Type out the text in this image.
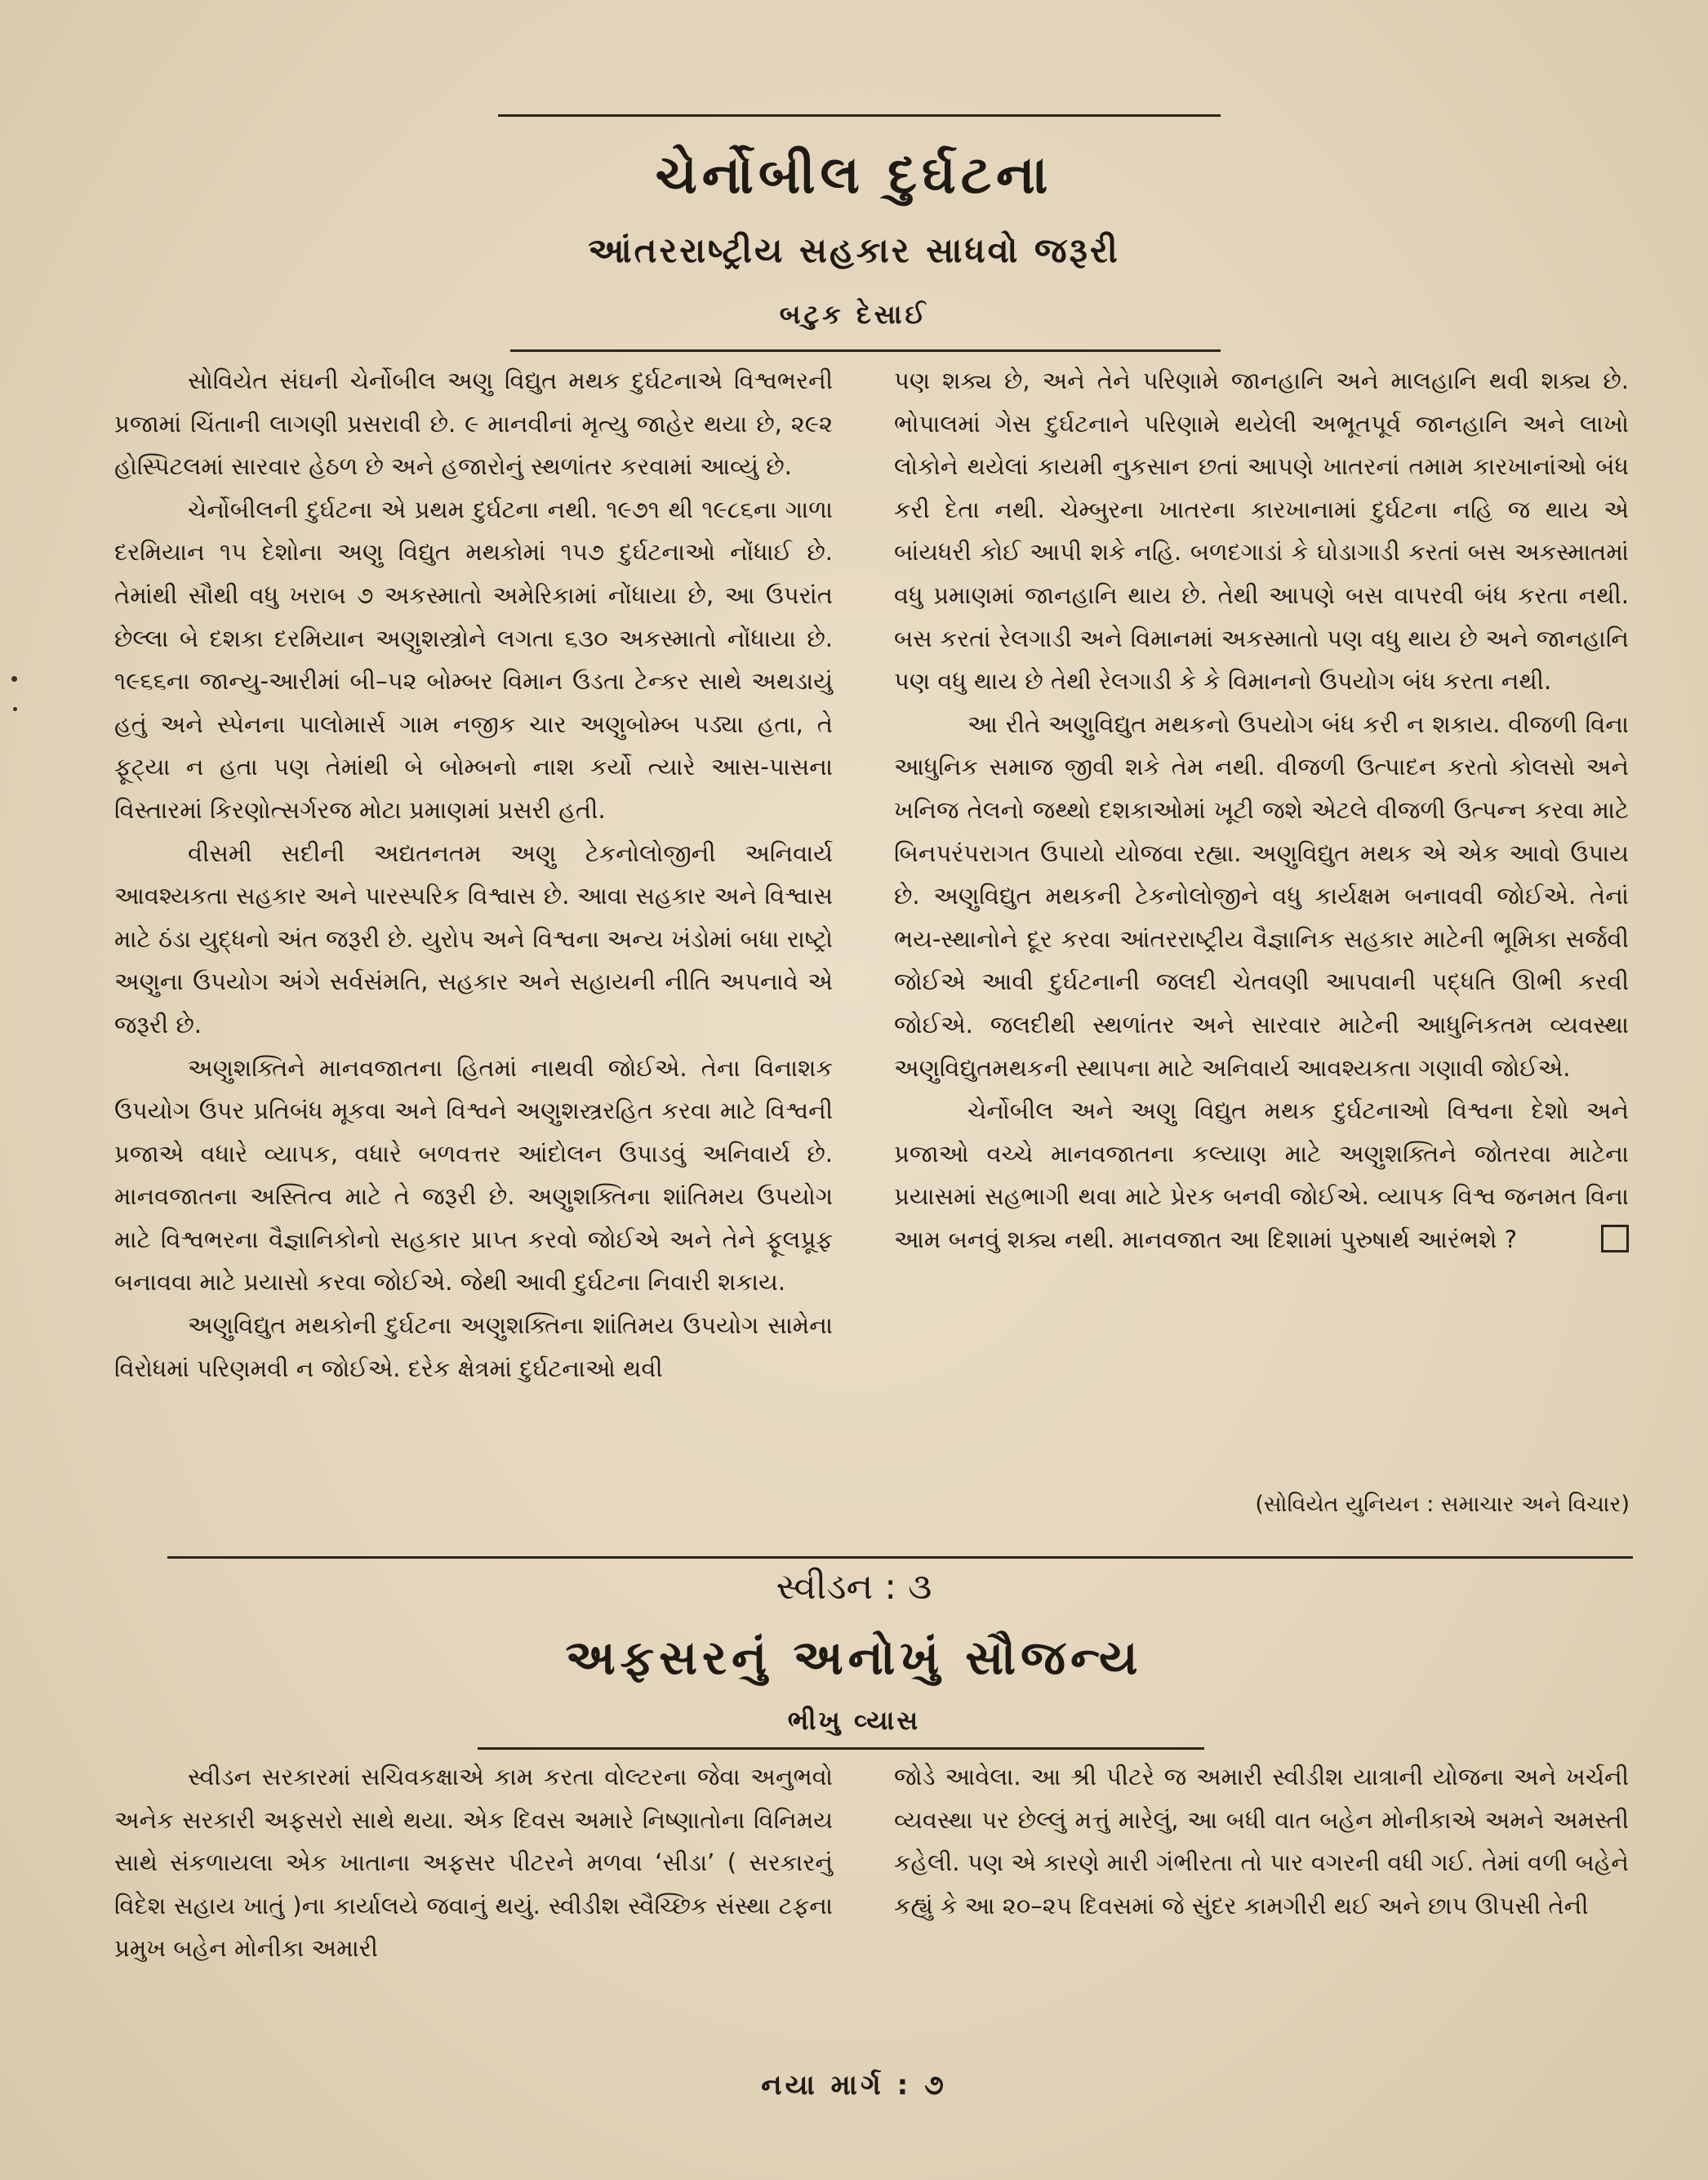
ચેર્નોબીલ દુર્ઘટના
આંતરરાષ્ટ્રીય સહકાર સાધવો જરૂરી
બટુક દેસાઈ

સોવિયેત સંઘની ચેર્નોબીલ અણુ વિદ્યુત મથક દુર્ઘટનાએ વિશ્વભરની પ્રજામાં ચિંતાની લાગણી પ્રસરાવી છે. ૯ માનવીનાં મૃત્યુ જાહેર થયા છે, ૨૯૨ હોસ્પિટલમાં સારવાર હેઠળ છે અને હજારોનું સ્થળાંતર કરવામાં આવ્યું છે.

ચેર્નોબીલની દુર્ઘટના એ પ્રથમ દુર્ઘટના નથી. ૧૯૭૧ થી ૧૯૮૬ના ગાળા દરમિયાન ૧૫ દેશોના અણુ વિદ્યુત મથકોમાં ૧૫૭ દુર્ઘટનાઓ નોંધાઈ છે. તેમાંથી સૌથી વધુ ખરાબ ૭ અકસ્માતો અમેરિકામાં નોંધાયા છે, આ ઉપરાંત છેલ્લા બે દશકા દરમિયાન અણુશસ્ત્રોને લગતા ૬૩૦ અકસ્માતો નોંધાયા છે. ૧૯૬૬ના જાન્યુ-આરીમાં બી–૫૨ બોમ્બર વિમાન ઉડતા ટેન્કર સાથે અથડાયું હતું અને સ્પેનના પાલોમાર્સ ગામ નજીક ચાર અણુબોમ્બ પડ્યા હતા, તે ફૂટ્યા ન હતા પણ તેમાંથી બે બોમ્બનો નાશ કર્યો ત્યારે આસ-પાસના વિસ્તારમાં કિરણોત્સર્ગરજ મોટા પ્રમાણમાં પ્રસરી હતી.

વીસમી સદીની અદ્યતનતમ અણુ ટેકનોલોજીની અનિવાર્ય આવશ્યકતા સહકાર અને પારસ્પરિક વિશ્વાસ છે. આવા સહકાર અને વિશ્વાસ માટે ઠંડા યુદ્ધનો અંત જરૂરી છે. યુરોપ અને વિશ્વના અન્ય ખંડોમાં બધા રાષ્ટ્રો અણુના ઉપયોગ અંગે સર્વસંમતિ, સહકાર અને સહાયની નીતિ અપનાવે એ જરૂરી છે.

અણુશક્તિને માનવજાતના હિતમાં નાથવી જોઈએ. તેના વિનાશક ઉપયોગ ઉપર પ્રતિબંધ મૂકવા અને વિશ્વને અણુશસ્ત્રરહિત કરવા માટે વિશ્વની પ્રજાએ વધારે વ્યાપક, વધારે બળવત્તર આંદોલન ઉપાડવું અનિવાર્ય છે. માનવજાતના અસ્તિત્વ માટે તે જરૂરી છે. અણુશક્તિના શાંતિમય ઉપયોગ માટે વિશ્વભરના વૈજ્ઞાનિકોનો સહકાર પ્રાપ્ત કરવો જોઈએ અને તેને ફૂલપ્રૂફ બનાવવા માટે પ્રયાસો કરવા જોઈએ. જેથી આવી દુર્ઘટના નિવારી શકાય.

અણુવિદ્યુત મથકોની દુર્ઘટના અણુશક્તિના શાંતિમય ઉપયોગ સામેના વિરોધમાં પરિણમવી ન જોઈએ. દરેક ક્ષેત્રમાં દુર્ઘટનાઓ થવી

પણ શક્ય છે, અને તેને પરિણામે જાનહાનિ અને માલહાનિ થવી શક્ય છે. ભોપાલમાં ગેસ દુર્ઘટનાને પરિણામે થયેલી અભૂતપૂર્વ જાનહાનિ અને લાખો લોકોને થયેલાં કાયમી નુકસાન છતાં આપણે ખાતરનાં તમામ કારખાનાંઓ બંધ કરી દેતા નથી. ચેમ્બુરના ખાતરના કારખાનામાં દુર્ઘટના નહિ જ થાય એ બાંયધરી કોઈ આપી શકે નહિ. બળદગાડાં કે ઘોડાગાડી કરતાં બસ અકસ્માતમાં વધુ પ્રમાણમાં જાનહાનિ થાય છે. તેથી આપણે બસ વાપરવી બંધ કરતા નથી. બસ કરતાં રેલગાડી અને વિમાનમાં અકસ્માતો પણ વધુ થાય છે અને જાનહાનિ પણ વધુ થાય છે તેથી રેલગાડી કે કે વિમાનનો ઉપયોગ બંધ કરતા નથી.

આ રીતે અણુવિદ્યુત મથકનો ઉપયોગ બંધ કરી ન શકાય. વીજળી વિના આધુનિક સમાજ જીવી શકે તેમ નથી. વીજળી ઉત્પાદન કરતો કોલસો અને ખનિજ તેલનો જથ્થો દશકાઓમાં ખૂટી જશે એટલે વીજળી ઉત્પન્ન કરવા માટે બિનપરંપરાગત ઉપાયો યોજવા રહ્યા. અણુવિદ્યુત મથક એ એક આવો ઉપાય છે. અણુવિદ્યુત મથકની ટેકનોલોજીને વધુ કાર્યક્ષમ બનાવવી જોઈએ. તેનાં ભય-સ્થાનોને દૂર કરવા આંતરરાષ્ટ્રીય વૈજ્ઞાનિક સહકાર માટેની ભૂમિકા સર્જવી જોઈએ આવી દુર્ઘટનાની જલદી ચેતવણી આપવાની પદ્ધતિ ઊભી કરવી જોઈએ. જલદીથી સ્થળાંતર અને સારવાર માટેની આધુનિકતમ વ્યવસ્થા અણુવિદ્યુતમથકની સ્થાપના માટે અનિવાર્ય આવશ્યકતા ગણાવી જોઈએ.

ચેર્નોબીલ અને અણુ વિદ્યુત મથક દુર્ઘટનાઓ વિશ્વના દેશો અને પ્રજાઓ વચ્ચે માનવજાતના કલ્યાણ માટે અણુશક્તિને જોતરવા માટેના પ્રયાસમાં સહભાગી થવા માટે પ્રેરક બનવી જોઈએ. વ્યાપક વિશ્વ જનમત વિના આમ બનવું શક્ય નથી. માનવજાત આ દિશામાં પુરુષાર્થ આરંભશે ?

(સોવિયેત યુનિયન : સમાચાર અને વિચાર)
સ્વીડન : ૩
અફસરનું અનોખું સૌજન્ય
ભીખુ વ્યાસ

સ્વીડન સરકારમાં સચિવકક્ષાએ કામ કરતા વોલ્ટરના જેવા અનુભવો અનેક સરકારી અફસરો સાથે થયા. એક દિવસ અમારે નિષ્ણાતોના વિનિમય સાથે સંકળાયલા એક ખાતાના અફસર પીટરને મળવા ‘સીડા’ ( સરકારનું વિદેશ સહાય ખાતું )ના કાર્યાલયે જવાનું થયું. સ્વીડીશ સ્વૈચ્છિક સંસ્થા ટફના પ્રમુખ બહેન મોનીકા અમારી

જોડે આવેલા. આ શ્રી પીટરે જ અમારી સ્વીડીશ યાત્રાની યોજના અને ખર્ચની વ્યવસ્થા પર છેલ્લું મત્તું મારેલું, આ બધી વાત બહેન મોનીકાએ અમને અમસ્તી કહેલી. પણ એ કારણે મારી ગંભીરતા તો પાર વગરની વધી ગઈ. તેમાં વળી બહેને કહ્યું કે આ ૨૦–૨૫ દિવસમાં જે સુંદર કામગીરી થઈ અને છાપ ઊપસી તેની

નયા માર્ગ : ૭
